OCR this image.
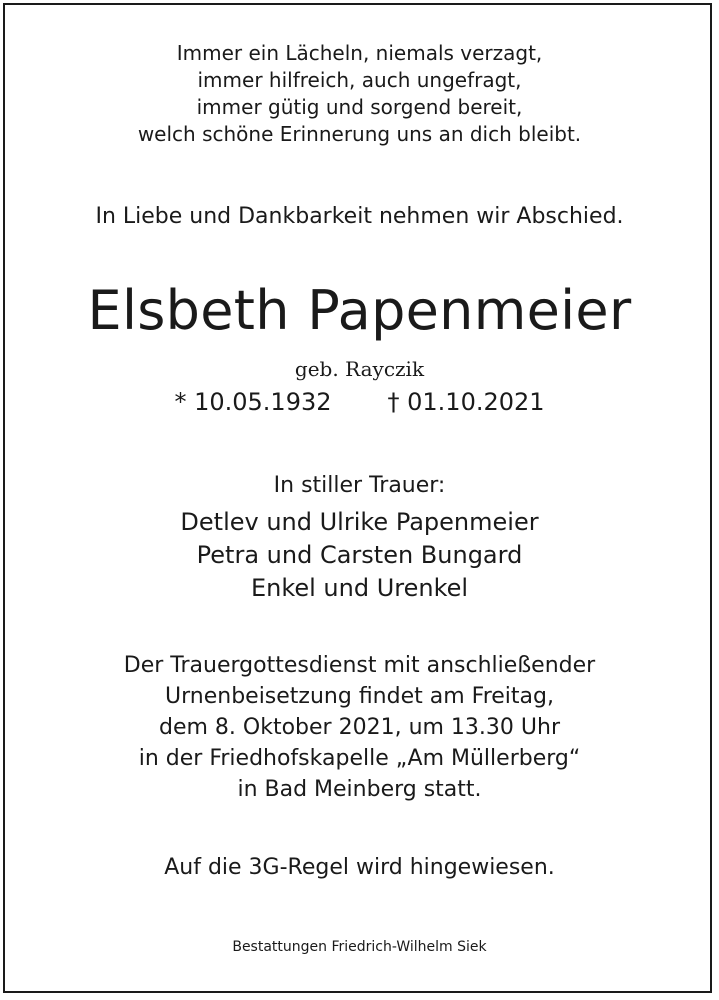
Immer ein Lächeln, niemals verzagt,
immer hilfreich, auch ungefragt,
immer gütig und sorgend bereit,
welch schöne Erinnerung uns an dich bleibt.
In Liebe und Dankbarkeit nehmen wir Abschied.
Elsbeth Papenmeier
geb. Rayczik
* 10.05.1932 † 01.10.2021
In stiller Trauer:
Detlev und Ulrike Papenmeier
Petra und Carsten Bungard
Enkel und Urenkel
Der Trauergottesdienst mit anschließender
Urnenbeisetzung findet am Freitag,
dem 8. Oktober 2021, um 13.30 Uhr
in der Friedhofskapelle „Am Müllerberg“
in Bad Meinberg statt.
Auf die 3G-Regel wird hingewiesen.
Bestattungen Friedrich-Wilhelm Siek
